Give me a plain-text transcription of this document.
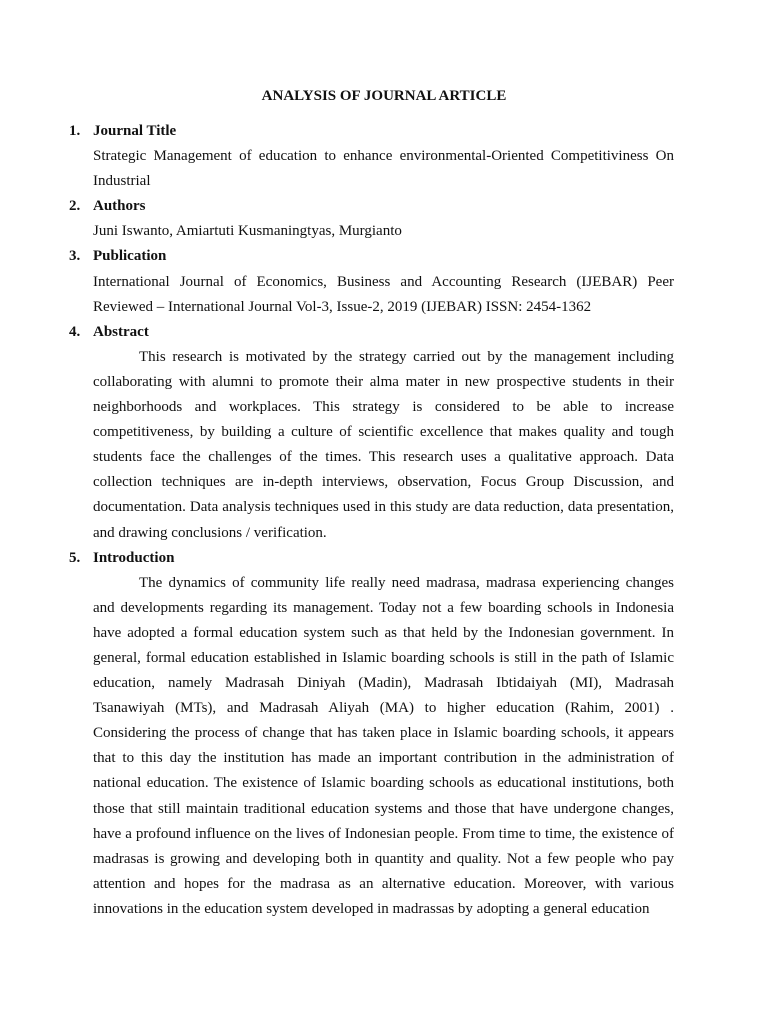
ANALYSIS OF JOURNAL ARTICLE
1. Journal Title

Strategic Management of education to enhance environmental-Oriented Competitiviness On Industrial

2. Authors

Juni Iswanto, Amiartuti Kusmaningtyas, Murgianto

3. Publication

International Journal of Economics, Business and Accounting Research (IJEBAR) Peer Reviewed – International Journal Vol-3, Issue-2, 2019 (IJEBAR) ISSN: 2454-1362

4. Abstract

This research is motivated by the strategy carried out by the management including collaborating with alumni to promote their alma mater in new prospective students in their neighborhoods and workplaces. This strategy is considered to be able to increase competitiveness, by building a culture of scientific excellence that makes quality and tough students face the challenges of the times. This research uses a qualitative approach. Data collection techniques are in-depth interviews, observation, Focus Group Discussion, and documentation. Data analysis techniques used in this study are data reduction, data presentation, and drawing conclusions / verification.

5. Introduction

The dynamics of community life really need madrasa, madrasa experiencing changes and developments regarding its management. Today not a few boarding schools in Indonesia have adopted a formal education system such as that held by the Indonesian government. In general, formal education established in Islamic boarding schools is still in the path of Islamic education, namely Madrasah Diniyah (Madin), Madrasah Ibtidaiyah (MI), Madrasah Tsanawiyah (MTs), and Madrasah Aliyah (MA) to higher education (Rahim, 2001) . Considering the process of change that has taken place in Islamic boarding schools, it appears that to this day the institution has made an important contribution in the administration of national education. The existence of Islamic boarding schools as educational institutions, both those that still maintain traditional education systems and those that have undergone changes, have a profound influence on the lives of Indonesian people. From time to time, the existence of madrasas is growing and developing both in quantity and quality. Not a few people who pay attention and hopes for the madrasa as an alternative education. Moreover, with various innovations in the education system developed in madrassas by adopting a general education
